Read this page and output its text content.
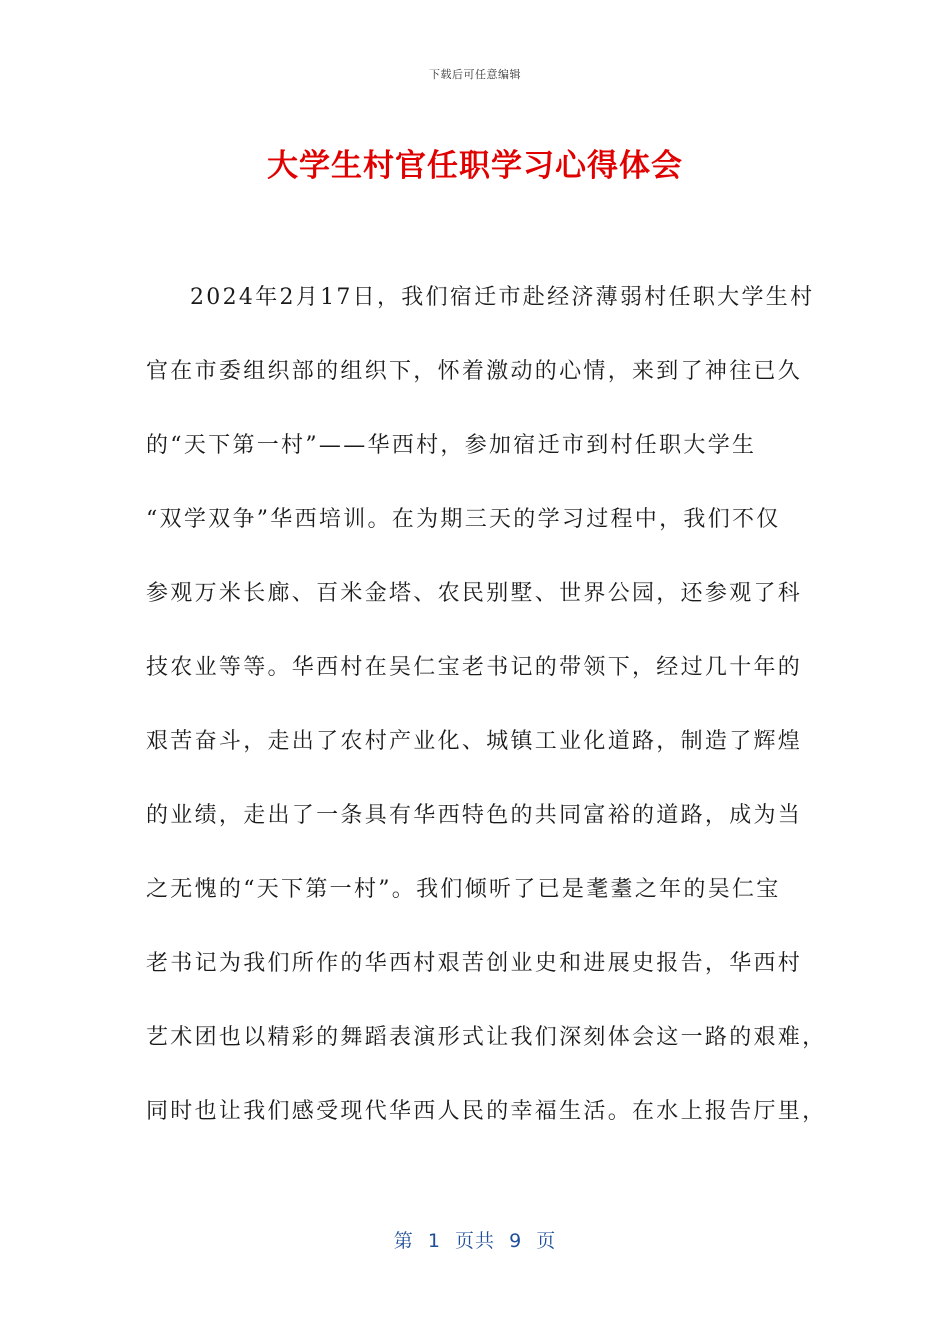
下载后可任意编辑
大学生村官任职学习心得体会
2024年2月17日，我们宿迁市赴经济薄弱村任职大学生村
官在市委组织部的组织下，怀着激动的心情，来到了神往已久
的“天下第一村”——华西村，参加宿迁市到村任职大学生
“双学双争”华西培训。在为期三天的学习过程中，我们不仅
参观万米长廊、百米金塔、农民别墅、世界公园，还参观了科
技农业等等。华西村在吴仁宝老书记的带领下，经过几十年的
艰苦奋斗，走出了农村产业化、城镇工业化道路，制造了辉煌
的业绩，走出了一条具有华西特色的共同富裕的道路，成为当
之无愧的“天下第一村”。我们倾听了已是耄耋之年的吴仁宝
老书记为我们所作的华西村艰苦创业史和进展史报告，华西村
艺术团也以精彩的舞蹈表演形式让我们深刻体会这一路的艰难，
同时也让我们感受现代华西人民的幸福生活。在水上报告厅里，
第  1  页共  9  页
